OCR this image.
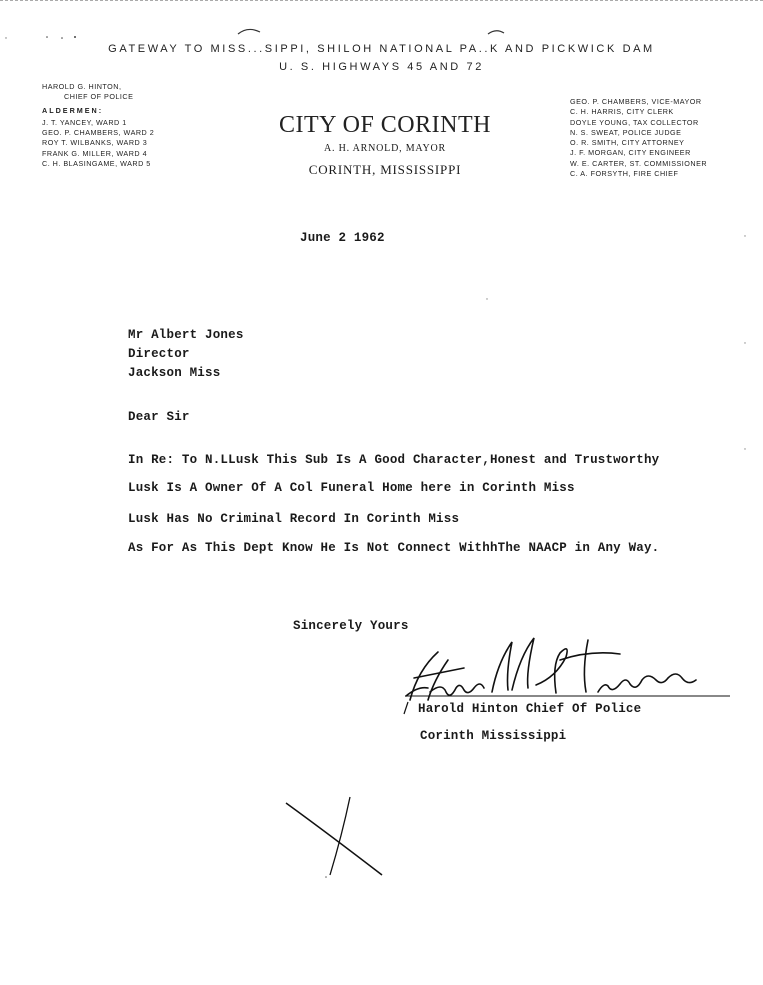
GATEWAY TO MISS...SIPPI, SHILOH NATIONAL PA..K AND PICKWICK DAM
U. S. HIGHWAYS 45 AND 72
HAROLD G. HINTON,
CHIEF OF POLICE
ALDERMEN:
J. T. YANCEY, WARD 1
GEO. P. CHAMBERS, WARD 2
ROY T. WILBANKS, WARD 3
FRANK G. MILLER, WARD 4
C. H. BLASINGAME, WARD 5
CITY OF CORINTH
A. H. ARNOLD, MAYOR
CORINTH, MISSISSIPPI
GEO. P. CHAMBERS, VICE-MAYOR
C. H. HARRIS, CITY CLERK
DOYLE YOUNG, TAX COLLECTOR
N. S. SWEAT, POLICE JUDGE
O. R. SMITH, CITY ATTORNEY
J. F. MORGAN, CITY ENGINEER
W. E. CARTER, ST. COMMISSIONER
C. A. FORSYTH, FIRE CHIEF
June 2 1962
Mr Albert Jones
Director
Jackson Miss
Dear Sir
In Re: To N.LLusk This Sub Is A Good Character,Honest and Trustworthy
Lusk Is A Owner Of A Col Funeral Home here in Corinth Miss
Lusk Has No Criminal Record In Corinth Miss
As For As This Dept Know He Is Not Connect WithhThe NAACP in Any Way.
Sincerely Yours
Harold Hinton Chief Of Police
Corinth Mississippi
